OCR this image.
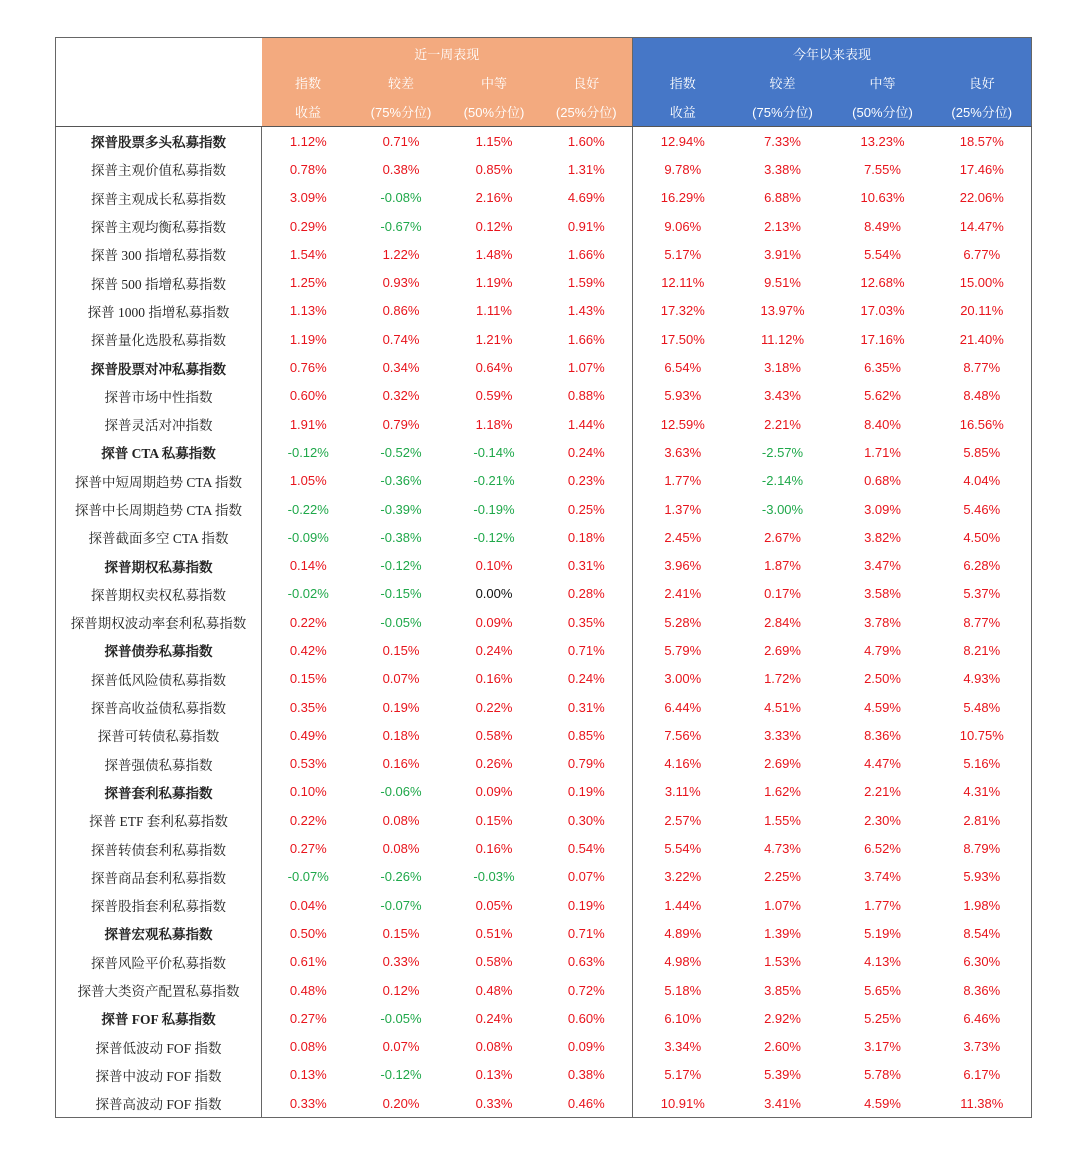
	近一周表现				今年以来表现			
	指数	较差	中等	良好	指数	较差	中等	良好
	收益	(75%分位)	(50%分位)	(25%分位)	收益	(75%分位)	(50%分位)	(25%分位)
探普股票多头私募指数	1.12%	0.71%	1.15%	1.60%	12.94%	7.33%	13.23%	18.57%
探普主观价值私募指数	0.78%	0.38%	0.85%	1.31%	9.78%	3.38%	7.55%	17.46%
探普主观成长私募指数	3.09%	-0.08%	2.16%	4.69%	16.29%	6.88%	10.63%	22.06%
探普主观均衡私募指数	0.29%	-0.67%	0.12%	0.91%	9.06%	2.13%	8.49%	14.47%
探普 300 指增私募指数	1.54%	1.22%	1.48%	1.66%	5.17%	3.91%	5.54%	6.77%
探普 500 指增私募指数	1.25%	0.93%	1.19%	1.59%	12.11%	9.51%	12.68%	15.00%
探普 1000 指增私募指数	1.13%	0.86%	1.11%	1.43%	17.32%	13.97%	17.03%	20.11%
探普量化选股私募指数	1.19%	0.74%	1.21%	1.66%	17.50%	11.12%	17.16%	21.40%
探普股票对冲私募指数	0.76%	0.34%	0.64%	1.07%	6.54%	3.18%	6.35%	8.77%
探普市场中性指数	0.60%	0.32%	0.59%	0.88%	5.93%	3.43%	5.62%	8.48%
探普灵活对冲指数	1.91%	0.79%	1.18%	1.44%	12.59%	2.21%	8.40%	16.56%
探普 CTA 私募指数	-0.12%	-0.52%	-0.14%	0.24%	3.63%	-2.57%	1.71%	5.85%
探普中短周期趋势 CTA 指数	1.05%	-0.36%	-0.21%	0.23%	1.77%	-2.14%	0.68%	4.04%
探普中长周期趋势 CTA 指数	-0.22%	-0.39%	-0.19%	0.25%	1.37%	-3.00%	3.09%	5.46%
探普截面多空 CTA 指数	-0.09%	-0.38%	-0.12%	0.18%	2.45%	2.67%	3.82%	4.50%
探普期权私募指数	0.14%	-0.12%	0.10%	0.31%	3.96%	1.87%	3.47%	6.28%
探普期权卖权私募指数	-0.02%	-0.15%	0.00%	0.28%	2.41%	0.17%	3.58%	5.37%
探普期权波动率套利私募指数	0.22%	-0.05%	0.09%	0.35%	5.28%	2.84%	3.78%	8.77%
探普债券私募指数	0.42%	0.15%	0.24%	0.71%	5.79%	2.69%	4.79%	8.21%
探普低风险债私募指数	0.15%	0.07%	0.16%	0.24%	3.00%	1.72%	2.50%	4.93%
探普高收益债私募指数	0.35%	0.19%	0.22%	0.31%	6.44%	4.51%	4.59%	5.48%
探普可转债私募指数	0.49%	0.18%	0.58%	0.85%	7.56%	3.33%	8.36%	10.75%
探普强债私募指数	0.53%	0.16%	0.26%	0.79%	4.16%	2.69%	4.47%	5.16%
探普套利私募指数	0.10%	-0.06%	0.09%	0.19%	3.11%	1.62%	2.21%	4.31%
探普 ETF 套利私募指数	0.22%	0.08%	0.15%	0.30%	2.57%	1.55%	2.30%	2.81%
探普转债套利私募指数	0.27%	0.08%	0.16%	0.54%	5.54%	4.73%	6.52%	8.79%
探普商品套利私募指数	-0.07%	-0.26%	-0.03%	0.07%	3.22%	2.25%	3.74%	5.93%
探普股指套利私募指数	0.04%	-0.07%	0.05%	0.19%	1.44%	1.07%	1.77%	1.98%
探普宏观私募指数	0.50%	0.15%	0.51%	0.71%	4.89%	1.39%	5.19%	8.54%
探普风险平价私募指数	0.61%	0.33%	0.58%	0.63%	4.98%	1.53%	4.13%	6.30%
探普大类资产配置私募指数	0.48%	0.12%	0.48%	0.72%	5.18%	3.85%	5.65%	8.36%
探普 FOF 私募指数	0.27%	-0.05%	0.24%	0.60%	6.10%	2.92%	5.25%	6.46%
探普低波动 FOF 指数	0.08%	0.07%	0.08%	0.09%	3.34%	2.60%	3.17%	3.73%
探普中波动 FOF 指数	0.13%	-0.12%	0.13%	0.38%	5.17%	5.39%	5.78%	6.17%
探普高波动 FOF 指数	0.33%	0.20%	0.33%	0.46%	10.91%	3.41%	4.59%	11.38%
